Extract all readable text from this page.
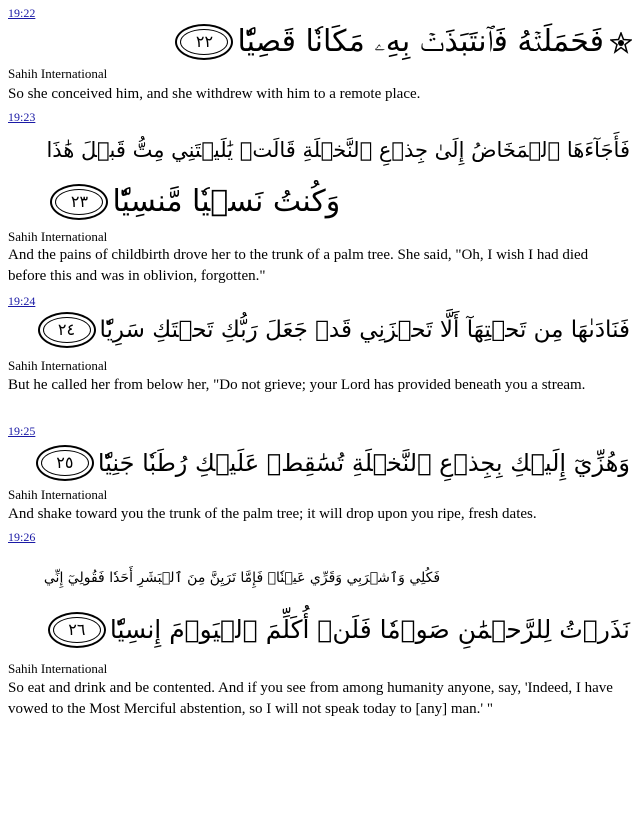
19:22
فَحَمَلَتۡهُ فَٱنتَبَذَتۡ بِهِۦ مَكَانٗا قَصِيّٗا
٢٢
Sahih International
So she conceived him, and she withdrew with him to a remote place.
19:23
فَأَجَآءَهَا ٱلۡمَخَاضُ إِلَىٰ جِذۡعِ ٱلنَّخۡلَةِ قَالَتۡ يَٰلَيۡتَنِي مِتُّ قَبۡلَ هَٰذَا
وَكُنتُ نَسۡيٗا مَّنسِيّٗا
٢٣
Sahih International
And the pains of childbirth drove her to the trunk of a palm tree. She said, "Oh, I wish I had died before this and was in oblivion, forgotten."
19:24
فَنَادَىٰهَا مِن تَحۡتِهَآ أَلَّا تَحۡزَنِي قَدۡ جَعَلَ رَبُّكِ تَحۡتَكِ سَرِيّٗا
٢٤
Sahih International
But he called her from below her, "Do not grieve; your Lord has provided beneath you a stream.
19:25
وَهُزِّيٓ إِلَيۡكِ بِجِذۡعِ ٱلنَّخۡلَةِ تُسَٰقِطۡ عَلَيۡكِ رُطَبٗا جَنِيّٗا
٢٥
Sahih International
And shake toward you the trunk of the palm tree; it will drop upon you ripe, fresh dates.
19:26
فَكُلِي وَٱشۡرَبِي وَقَرِّي عَيۡنٗاۖ فَإِمَّا تَرَيِنَّ مِنَ ٱلۡبَشَرِ أَحَدٗا فَقُولِيٓ إِنِّي
نَذَرۡتُ لِلرَّحۡمَٰنِ صَوۡمٗا فَلَنۡ أُكَلِّمَ ٱلۡيَوۡمَ إِنسِيّٗا
٢٦
Sahih International
So eat and drink and be contented. And if you see from among humanity anyone, say, 'Indeed, I have vowed to the Most Merciful abstention, so I will not speak today to [any] man.' "
